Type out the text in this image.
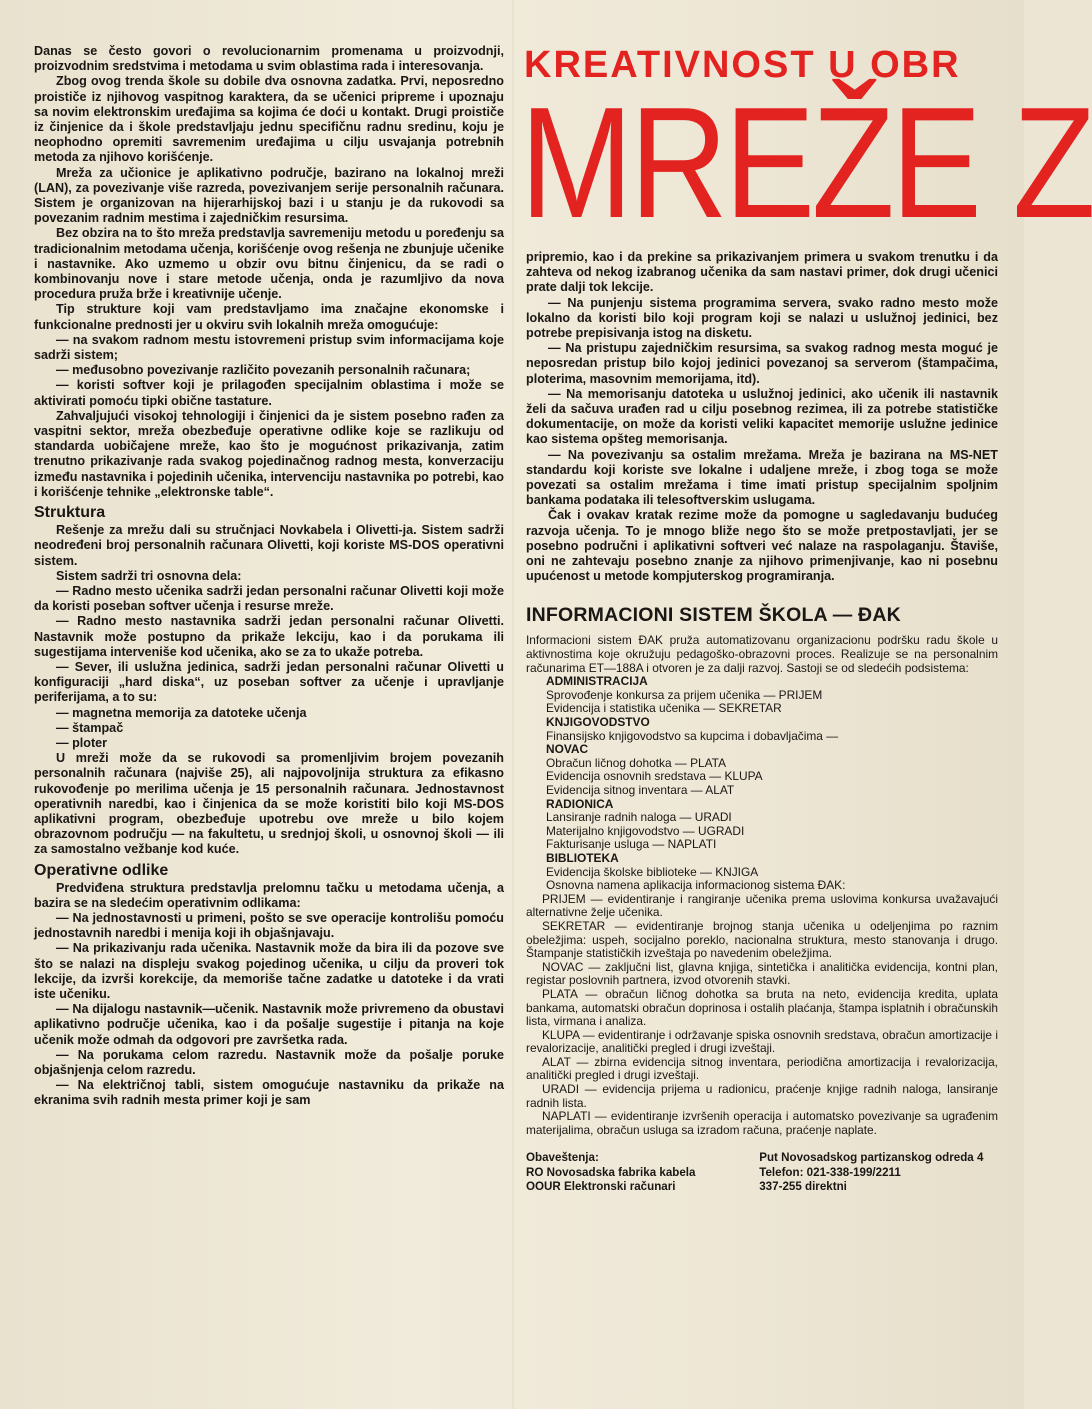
KREATIVNOST U OBR
MREŽE Z
Danas se često govori o revolucionarnim promenama u proizvodnji, proizvodnim sredstvima i metodama u svim oblastima rada i interesovanja.
Zbog ovog trenda škole su dobile dva osnovna zadatka. Prvi, neposredno proističe iz njihovog vaspitnog karaktera, da se učenici pripreme i upoznaju sa novim elektronskim uređajima sa kojima će doći u kontakt. Drugi proističe iz činjenice da i škole predstavljaju jednu specifičnu radnu sredinu, koju je neophodno opremiti savremenim uređajima u cilju usvajanja potrebnih metoda za njihovo korišćenje.
Mreža za učionice je aplikativno područje, bazirano na lokalnoj mreži (LAN), za povezivanje više razreda, povezivanjem serije personalnih računara. Sistem je organizovan na hijerarhijskoj bazi i u stanju je da rukovodi sa povezanim radnim mestima i zajedničkim resursima.
Bez obzira na to što mreža predstavlja savremeniju metodu u poređenju sa tradicionalnim metodama učenja, korišćenje ovog rešenja ne zbunjuje učenike i nastavnike. Ako uzmemo u obzir ovu bitnu činjenicu, da se radi o kombinovanju nove i stare metode učenja, onda je razumljivo da nova procedura pruža brže i kreativnije učenje.
Tip strukture koji vam predstavljamo ima značajne ekonomske i funkcionalne prednosti jer u okviru svih lokalnih mreža omogućuje:
— na svakom radnom mestu istovremeni pristup svim informacijama koje sadrži sistem;
— međusobno povezivanje različito povezanih personalnih računara;
— koristi softver koji je prilagođen specijalnim oblastima i može se aktivirati pomoću tipki obične tastature.
Zahvaljujući visokoj tehnologiji i činjenici da je sistem posebno rađen za vaspitni sektor, mreža obezbeđuje operativne odlike koje se razlikuju od standarda uobičajene mreže, kao što je mogućnost prikazivanja, zatim trenutno prikazivanje rada svakog pojedinačnog radnog mesta, konverzaciju između nastavnika i pojedinih učenika, intervenciju nastavnika po potrebi, kao i korišćenje tehnike „elektronske table“.
Struktura
Rešenje za mrežu dali su stručnjaci Novkabela i Olivetti-ja. Sistem sadrži neodređeni broj personalnih računara Olivetti, koji koriste MS-DOS operativni sistem.
Sistem sadrži tri osnovna dela:
— Radno mesto učenika sadrži jedan personalni računar Olivetti koji može da koristi poseban softver učenja i resurse mreže.
— Radno mesto nastavnika sadrži jedan personalni računar Olivetti. Nastavnik može postupno da prikaže lekciju, kao i da porukama ili sugestijama interveniše kod učenika, ako se za to ukaže potreba.
— Sever, ili uslužna jedinica, sadrži jedan personalni računar Olivetti u konfiguraciji „hard diska“, uz poseban softver za učenje i upravljanje periferijama, a to su:
— magnetna memorija za datoteke učenja
— štampač
— ploter
U mreži može da se rukovodi sa promenljivim brojem povezanih personalnih računara (najviše 25), ali najpovoljnija struktura za efikasno rukovođenje po merilima učenja je 15 personalnih računara. Jednostavnost operativnih naredbi, kao i činjenica da se može koristiti bilo koji MS-DOS aplikativni program, obezbeđuje upotrebu ove mreže u bilo kojem obrazovnom području — na fakultetu, u srednjoj školi, u osnovnoj školi — ili za samostalno vežbanje kod kuće.
Operativne odlike
Predviđena struktura predstavlja prelomnu tačku u metodama učenja, a bazira se na sledećim operativnim odlikama:
— Na jednostavnosti u primeni, pošto se sve operacije kontrolišu pomoću jednostavnih naredbi i menija koji ih objašnjavaju.
— Na prikazivanju rada učenika. Nastavnik može da bira ili da pozove sve što se nalazi na displeju svakog pojedinog učenika, u cilju da proveri tok lekcije, da izvrši korekcije, da memoriše tačne zadatke u datoteke i da vrati iste učeniku.
— Na dijalogu nastavnik—učenik. Nastavnik može privremeno da obustavi aplikativno područje učenika, kao i da pošalje sugestije i pitanja na koje učenik može odmah da odgovori pre završetka rada.
— Na porukama celom razredu. Nastavnik može da pošalje poruke objašnjenja celom razredu.
— Na električnoj tabli, sistem omogućuje nastavniku da prikaže na ekranima svih radnih mesta primer koji je sam
pripremio, kao i da prekine sa prikazivanjem primera u svakom trenutku i da zahteva od nekog izabranog učenika da sam nastavi primer, dok drugi učenici prate dalji tok lekcije.
— Na punjenju sistema programima servera, svako radno mesto može lokalno da koristi bilo koji program koji se nalazi u uslužnoj jedinici, bez potrebe prepisivanja istog na disketu.
— Na pristupu zajedničkim resursima, sa svakog radnog mesta moguć je neposredan pristup bilo kojoj jedinici povezanoj sa serverom (štampačima, ploterima, masovnim memorijama, itd).
— Na memorisanju datoteka u uslužnoj jedinici, ako učenik ili nastavnik želi da sačuva urađen rad u cilju posebnog rezimea, ili za potrebe statističke dokumentacije, on može da koristi veliki kapacitet memorije uslužne jedinice kao sistema opšteg memorisanja.
— Na povezivanju sa ostalim mrežama. Mreža je bazirana na MS-NET standardu koji koriste sve lokalne i udaljene mreže, i zbog toga se može povezati sa ostalim mrežama i time imati pristup specijalnim spoljnim bankama podataka ili telesoftverskim uslugama.
Čak i ovakav kratak rezime može da pomogne u sagledavanju budućeg razvoja učenja. To je mnogo bliže nego što se može pretpostavljati, jer se posebno područni i aplikativni softveri već nalaze na raspolaganju. Štaviše, oni ne zahtevaju posebno znanje za njihovo primenjivanje, kao ni posebnu upućenost u metode kompjuterskog programiranja.
INFORMACIONI SISTEM ŠKOLA — ĐAK
Informacioni sistem ĐAK pruža automatizovanu organizacionu podršku radu škole u aktivnostima koje okružuju pedagoško-obrazovni proces. Realizuje se na personalnim računarima ET—188A i otvoren je za dalji razvoj. Sastoji se od sledećih podsistema:
ADMINISTRACIJA
Sprovođenje konkursa za prijem učenika — PRIJEM
Evidencija i statistika učenika — SEKRETAR
KNJIGOVODSTVO
Finansijsko knjigovodstvo sa kupcima i dobavljačima —
NOVAC
Obračun ličnog dohotka — PLATA
Evidencija osnovnih sredstava — KLUPA
Evidencija sitnog inventara — ALAT
RADIONICA
Lansiranje radnih naloga — URADI
Materijalno knjigovodstvo — UGRADI
Fakturisanje usluga — NAPLATI
BIBLIOTEKA
Evidencija školske biblioteke — KNJIGA
Osnovna namena aplikacija informacionog sistema ĐAK:
PRIJEM — evidentiranje i rangiranje učenika prema uslovima konkursa uvažavajući alternativne želje učenika.
SEKRETAR — evidentiranje brojnog stanja učenika u odeljenjima po raznim obeležjima: uspeh, socijalno poreklo, nacionalna struktura, mesto stanovanja i drugo. Štampanje statističkih izveštaja po navedenim obeležjima.
NOVAC — zaključni list, glavna knjiga, sintetička i analitička evidencija, kontni plan, registar poslovnih partnera, izvod otvorenih stavki.
PLATA — obračun ličnog dohotka sa bruta na neto, evidencija kredita, uplata bankama, automatski obračun doprinosa i ostalih plaćanja, štampa isplatnih i obračunskih lista, virmana i analiza.
KLUPA — evidentiranje i održavanje spiska osnovnih sredstava, obračun amortizacije i revalorizacije, analitički pregled i drugi izveštaji.
ALAT — zbirna evidencija sitnog inventara, periodična amortizacija i revalorizacija, analitički pregled i drugi izveštaji.
URADI — evidencija prijema u radionicu, praćenje knjige radnih naloga, lansiranje radnih lista.
NAPLATI — evidentiranje izvršenih operacija i automatsko povezivanje sa ugrađenim materijalima, obračun usluga sa izradom računa, praćenje naplate.
Obaveštenja:	Put Novosadskog partizanskog odreda 4
RO Novosadska fabrika kabela	Telefon: 021-338-199/2211
OOUR Elektronski računari	337-255 direktni
